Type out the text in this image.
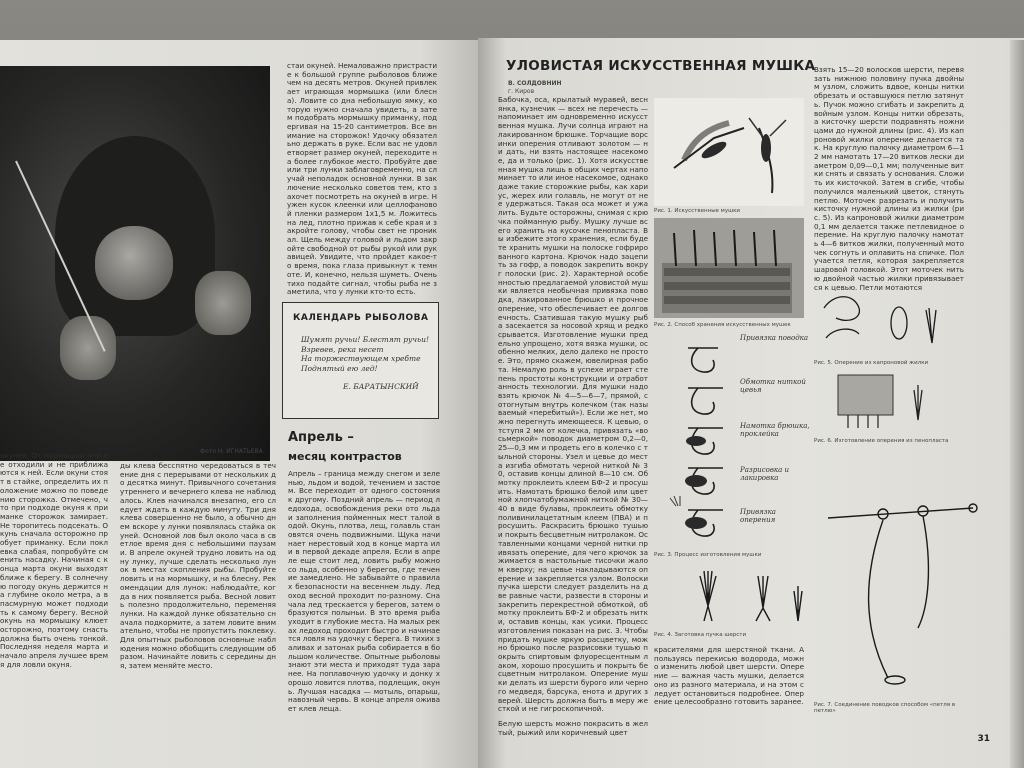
Фото Н. ИГНАТЬЕВА
стаи окуней. Немаловажно пристрастие к большой группе рыболовов ближе чем на десять метров. Окуней привлекает играющая мормышка (или блесна). Ловите со дна небольшую ямку, которую нужно сначала увидеть, а затем подобрать мормышку приманку, подергивая на 15-20 сантиметров. Все внимание на сторожок! Удочку обязательно держать в руке. Если вас не удовлетворяет размер окуней, переходите на более глубокое место. Пробуйте две или три лунки заблаговременно, на случай неполадок основной лунки. В заключение несколько советов тем, кто захочет посмотреть на окуней в игре. Нужен кусок клеенки или целлофановой пленки размером 1х1,5 м. Ложитесь на лед, плотно прижав к себе края и закройте голову, чтобы свет не проникал. Щель между головой и льдом закройте свободной от рыбы рукой или рукавицей. Увидите, что пройдет какое-то время, пока глаза привыкнут к темноте. И, конечно, нельзя шуметь. Очень тихо подайте сигнал, чтобы рыба не заметила, что у лунки кто-то есть.
КАЛЕНДАРЬ РЫБОЛОВА
Шумят ручьи! Блестят ручьи!
Взревев, река несет
На торжествующем хребте
Поднятый ею лед!
Е. БАРАТЫНСКИЙ
Апрель –
месяц контрастов
Апрель – граница между снегом и зеленью, льдом и водой, течением и застоем. Все переходит от одного состояния к другому. Поздний апрель — период ледохода, освобождения реки ото льда и заполнения пойменных мест талой водой. Окунь, плотва, лещ, голавль становятся очень подвижными. Щука начинает нерестовый ход в конце марта или в первой декаде апреля. Если в апреле еще стоит лед, ловить рыбу можно со льда, особенно у берегов, где течение замедлено. Не забывайте о правилах безопасности на весеннем льду. Ледоход весной проходит по-разному. Сначала лед трескается у берегов, затем образуются полыньи. В это время рыба уходит в глубокие места. На малых реках ледоход проходит быстро и начинается ловля на удочку с берега. В тихих заливах и затонах рыба собирается в большом количестве. Опытные рыболовы знают эти места и приходят туда заранее. На поплавочную удочку и донку хорошо ловится плотва, подлещик, окунь. Лучшая насадка — мотыль, опарыш, навозный червь. В конце апреля оживает клев леща.
окуней. От мормышки они не отходили и не приближаются к ней. Если окуни стоят в стайке, определить их положение можно по поведению сторожка. Отмечено, что при подходе окуня к приманке сторожок замирает. Не торопитесь подсекать. Окунь сначала осторожно пробует приманку. Если поклевка слабая, попробуйте сменить насадку. Начиная с конца марта окуни выходят ближе к берегу. В солнечную погоду окунь держится на глубине около метра, а в пасмурную может подходить к самому берегу. Весной окунь на мормышку клюет осторожно, поэтому снасть должна быть очень тонкой. Последняя неделя марта и начало апреля лучшее время для ловли окуня.
ды клева бесспятно чередоваться в течение дня с перерывами от нескольких до десятка минут. Привычного сочетания утреннего и вечернего клева не наблюдалось. Клев начинался внезапно, его следует ждать в каждую минуту. Три дня клева совершенно не было, а обычно днем вскоре у лунки появлялась стайка окуней. Основной лов был около часа в светлое время дня с небольшими паузами. В апреле окуней трудно ловить на одну лунку, лучше сделать несколько лунок в местах скопления рыбы. Пробуйте ловить и на мормышку, и на блесну. Рекомендации для лунок: наблюдайте, когда в них появляется рыба. Весной ловить полезно продолжительно, переменяя лунки. На каждой лунке обязательно сначала подкормите, а затем ловите внимательно, чтобы не пропустить поклевку. Для опытных рыболовов основные наблюдения можно обобщить следующим образом. Начинайте ловить с середины дня, затем меняйте место.
УЛОВИСТАЯ ИСКУССТВЕННАЯ МУШКА
В. СОЛДОВНИН
г. Киров
Бабочка, оса, крылатый муравей, веснянка, кузнечик — всех не перечесть — напоминает им одновременно искусственная мушка. Лучи солнца играют на лакированном брюшке. Торчащие ворсинки оперения отливают золотом — ни дать, ни взять настоящее насекомое, да и только (рис. 1). Хотя искусственная мушка лишь в общих чертах напоминает то или иное насекомое, однако даже такие сторожкие рыбы, как хариус, жерех или голавль, не могут от нее удержаться. Такая оса может и ужалить. Будьте осторожны, снимая с крючка пойманную рыбу. Мушку лучше всего хранить на кусочке пенопласта. Вы избежите этого хранения, если будете хранить мушки на полоске гофрированного картона. Крючок надо зацепить за гофр, а поводок закрепить вокруг полоски (рис. 2). Характерной особенностью предлагаемой уловистой мушки является необычная привязка поводка, лакированное брюшко и прочное оперение, что обеспечивает ее долговечность. Сзатившая такую мушку рыба засекается за носовой хрящ и редко срывается. Изготовление мушки предельно упрощено, хотя вязка мушки, особенно мелких, дело далеко не простое. Это, прямо скажем, ювелирная работа. Немалую роль в успехе играет степень простоты конструкции и отработанность технологии. Для мушки надо взять крючок № 4—5—6—7, прямой, с отогнутым внутрь колечком (так называемый «перебитый»). Если же нет, можно перегнуть имеющееся. К цевью, отступя 2 мм от колечка, привязать «восьмеркой» поводок диаметром 0,2—0,25—0,3 мм и продеть его в колечко с тыльной стороны. Узел и цевье до места изгиба обмотать черной ниткой № 30, оставив концы длиной 8—10 см. Обмотку проклеить клеем БФ-2 и просушить. Намотать брюшко белой или цветной хлопчатобумажной ниткой № 30—40 в виде булавы, проклеить обмотку поливинилацетатным клеем (ПВА) и просушить. Раскрасить брюшко тушью и покрыть бесцветным нитролаком. Оставленными концами черной нитки привязать оперение, для чего крючок зажимается в настольные тисочки жалом кверху; на цевье накладываются оперение и закрепляется узлом. Волоски пучка шерсти следует разделить на две равные части, развести в стороны и закрепить перекрестной обмоткой, обмотку проклеить БФ-2 и обрезать нитки, оставив концы, как усики. Процесс изготовления показан на рис. 3. Чтобы придать мушке яркую расцветку, можно брюшко после разрисовки тушью покрыть спиртовым флуоресцентным лаком, хорошо просушить и покрыть бесцветным нитролаком. Оперение мушки делать из шерсти бурого или черного медведя, барсука, енота и других зверей. Шерсть должна быть в меру жесткой и не гигроскопичной.
Белую шерсть можно покрасить в желтый, рыжий или коричневый цвет
Рис. 1. Искусственные мушки
Рис. 2. Способ хранения искусственных мушек
Привязка поводка
Обмотка ниткой цевья
Намотка брюшка, проклейка
Разрисовка и лакировка
Привязка оперения
Рис. 3. Процесс изготовления мушки
Рис. 4. Заготовка пучка шерсти
Взять 15—20 волосков шерсти, перевязать нижнюю половину пучка двойным узлом, сложить вдвое, концы нитки обрезать и оставшуюся петлю затянуть. Пучок можно сгибать и закрепить двойным узлом. Концы нитки обрезать, а кисточку шерсти подравнять ножницами до нужной длины (рис. 4). Из капроновой жилки оперение делается так. На круглую палочку диаметром 6—12 мм намотать 17—20 витков лески диаметром 0,09—0,1 мм; полученные витки снять и связать у основания. Сложить их кисточкой. Затем в сгибе, чтобы получился маленький цветок, стянуть петлю. Моточек разрезать и получить кисточку нужной длины из жилки (рис. 5). Из капроновой жилки диаметром 0,1 мм делается также петлевидное оперение. На круглую палочку намотать 4—6 витков жилки, полученный моточек согнуть и оплавить на спичке. Получается петля, которая закрепляется шаровой головкой. Этот моточек нитью двойной частью жилки привязывается к цевью. Петли мотаются
Рис. 5. Оперение из капроновой жилки
Рис. 6. Изготовление оперения из пенопласта
Рис. 7. Соединение поводков способом «петля в петлю»
красителями для шерстяной ткани. А пользуясь перекисью водорода, можно изменить любой цвет шерсти. Оперение — важная часть мушки, делается оно из разного материала, и на этом следует остановиться подробнее. Оперение целесообразно готовить заранее.
31
